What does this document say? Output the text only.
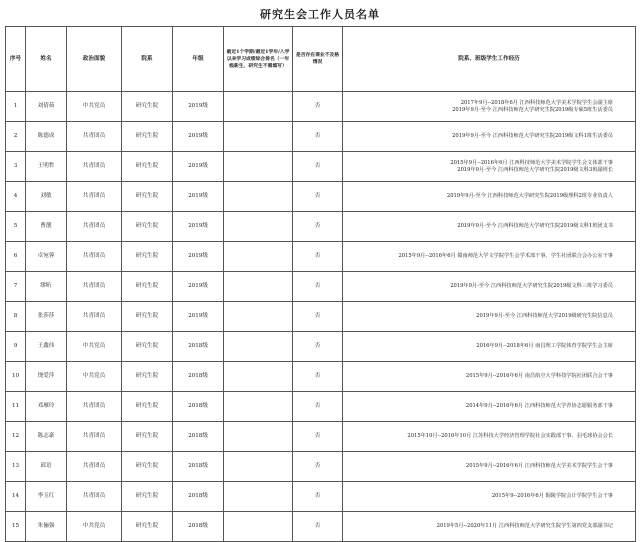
研究生会工作人员名单
序号	姓名	政治面貌	院系	年级	最近1个学期/最近1学年/入学以来学习成绩综合排名（一年级新生、研究生不需填写）	是否存在课业不及格情况	院系、班级学生工作经历
1	刘倩茹	中共党员	研究生院	2019级		否	2017年9月--2018年6月 江西科技师范大学美术学院学生会副主席
2019年9月-至今 江西科技师范大学研究生院2019级专硕5班生活委员

2	陈德成	共青团员	研究生院	2019级		否	2019年9月-至今 江西科技师范大学研究生院2019级文科1班生活委员

3	王明哲	共青团员	研究生院	2019级		否	2015年9月--2016年6月 江西科技师范大学美术学院学生会文体部干事
2019年9月-至今 江西科技师范大学研究生院2019级文科3班副班长

4	刘敏	共青团员	研究生院	2019级		否	2019年9月-至今 江西科技师范大学研究生院2019级理科2班专业负责人

5	曹靓	共青团员	研究生院	2019级		否	2019年9月-至今 江西科技师范大学研究生院2019级文科1班团支书

6	卓宛蓉	共青团员	研究生院	2019级		否	2015年9月--2016年6月 赣南师范大学文学院学生会学术部干事、学生社团联合会办公室干事

7	缪昕	共青团员	研究生院	2019级		否	2019年9月-至今 江西科技师范大学研究生院2019级文科三班学习委员

8	张莎莎	共青团员	研究生院	2019级		否	2019年9月-至今 江西科技师范大学2019级研究生院信息员

9	王鑫伟	中共党员	研究生院	2018级		否	2016年9月--2018年6月 南昌理工学院体育学院学生会主席

10	饶爱萍	中共党员	研究生院	2018级		否	2015年9月--2016年6月 南昌航空大学科技学院社团联合会干事

11	邓雁玲	共青团员	研究生院	2018级		否	2014年9月--2016年6月 江西科技师范大学青协志愿服务部干事

12	陈志豪	共青团员	研究生院	2018级		否	2015年10月--2016年10月 江苏科技大学经济管理学院社会实践部干事、羽毛球协会会长

13	邱语	共青团员	研究生院	2018级		否	2015年9月--2016年6月 江西科技师范大学美术学院学生会干事

14	李玉红	共青团员	研究生院	2018级		否	2015年9--2016年6月 铜陵学院会计学院学生会干事

15	朱俪强	中共党员	研究生院	2018级		否	2019年5月--2020年11月 江西科技师范大学研究生院学生第四党支部副书记
